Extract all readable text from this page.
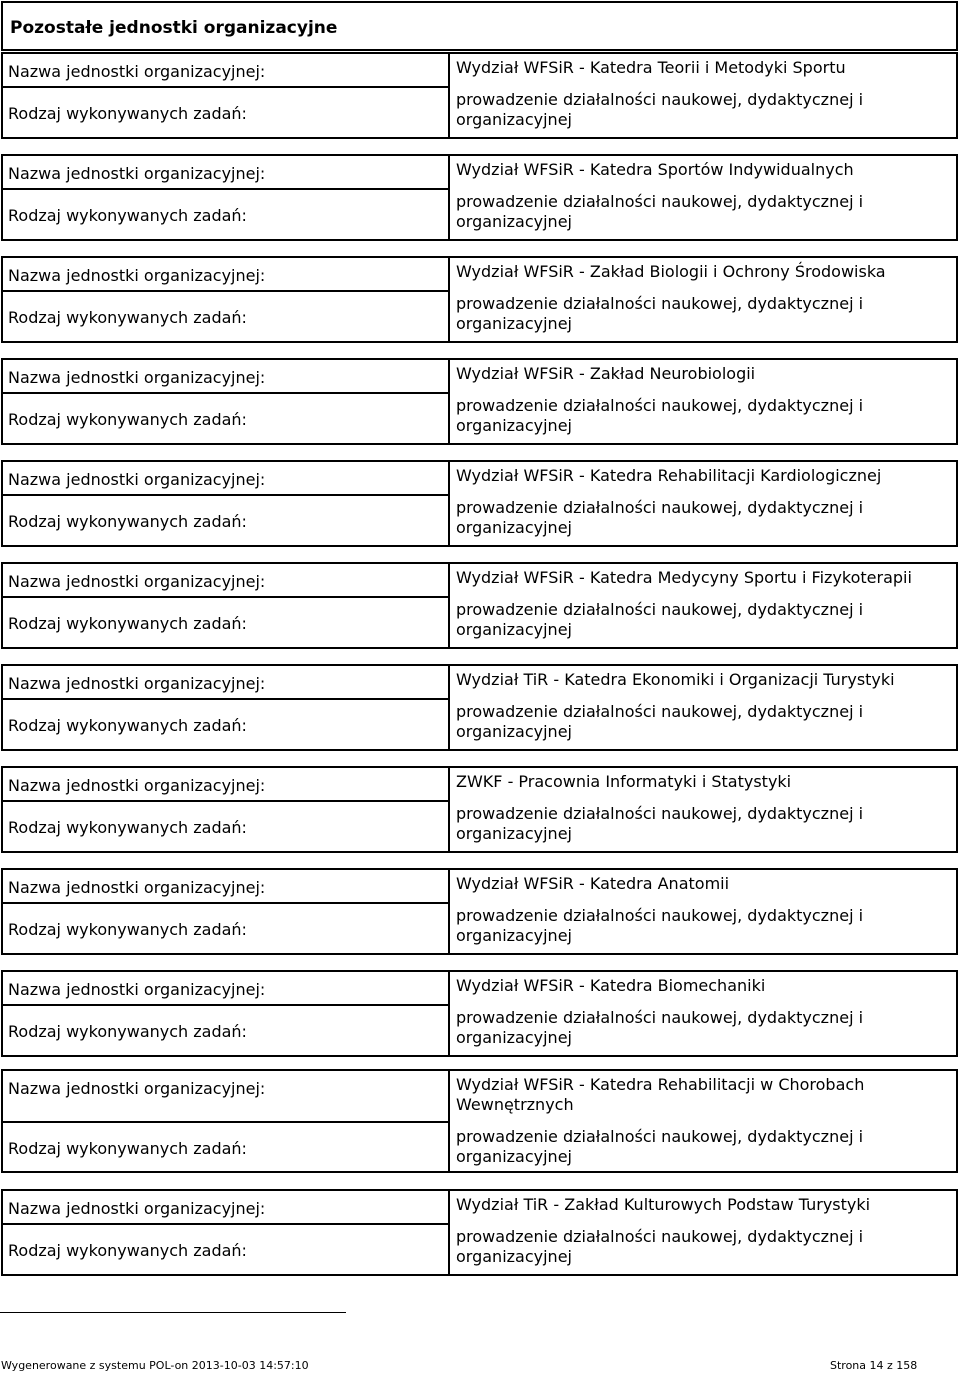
Pozostałe jednostki organizacyjne
Nazwa jednostki organizacyjnej:
Rodzaj wykonywanych zadań:
Wydział WFSiR - Katedra Teorii i Metodyki Sportu
prowadzenie działalności naukowej, dydaktycznej i organizacyjnej
Nazwa jednostki organizacyjnej:
Rodzaj wykonywanych zadań:
Wydział WFSiR - Katedra Sportów Indywidualnych
prowadzenie działalności naukowej, dydaktycznej i organizacyjnej
Nazwa jednostki organizacyjnej:
Rodzaj wykonywanych zadań:
Wydział WFSiR - Zakład Biologii i Ochrony Środowiska
prowadzenie działalności naukowej, dydaktycznej i organizacyjnej
Nazwa jednostki organizacyjnej:
Rodzaj wykonywanych zadań:
Wydział WFSiR - Zakład Neurobiologii
prowadzenie działalności naukowej, dydaktycznej i organizacyjnej
Nazwa jednostki organizacyjnej:
Rodzaj wykonywanych zadań:
Wydział WFSiR - Katedra Rehabilitacji Kardiologicznej
prowadzenie działalności naukowej, dydaktycznej i organizacyjnej
Nazwa jednostki organizacyjnej:
Rodzaj wykonywanych zadań:
Wydział WFSiR - Katedra Medycyny Sportu i Fizykoterapii
prowadzenie działalności naukowej, dydaktycznej i organizacyjnej
Nazwa jednostki organizacyjnej:
Rodzaj wykonywanych zadań:
Wydział TiR - Katedra Ekonomiki i Organizacji Turystyki
prowadzenie działalności naukowej, dydaktycznej i organizacyjnej
Nazwa jednostki organizacyjnej:
Rodzaj wykonywanych zadań:
ZWKF - Pracownia Informatyki i Statystyki
prowadzenie działalności naukowej, dydaktycznej i organizacyjnej
Nazwa jednostki organizacyjnej:
Rodzaj wykonywanych zadań:
Wydział WFSiR - Katedra Anatomii
prowadzenie działalności naukowej, dydaktycznej i organizacyjnej
Nazwa jednostki organizacyjnej:
Rodzaj wykonywanych zadań:
Wydział WFSiR - Katedra Biomechaniki
prowadzenie działalności naukowej, dydaktycznej i organizacyjnej
Nazwa jednostki organizacyjnej:
Rodzaj wykonywanych zadań:
Wydział WFSiR - Katedra Rehabilitacji w Chorobach Wewnętrznych
prowadzenie działalności naukowej, dydaktycznej i organizacyjnej
Nazwa jednostki organizacyjnej:
Rodzaj wykonywanych zadań:
Wydział TiR - Zakład Kulturowych Podstaw Turystyki
prowadzenie działalności naukowej, dydaktycznej i organizacyjnej
Wygenerowane z systemu POL-on 2013-10-03 14:57:10	Strona 14 z 158
